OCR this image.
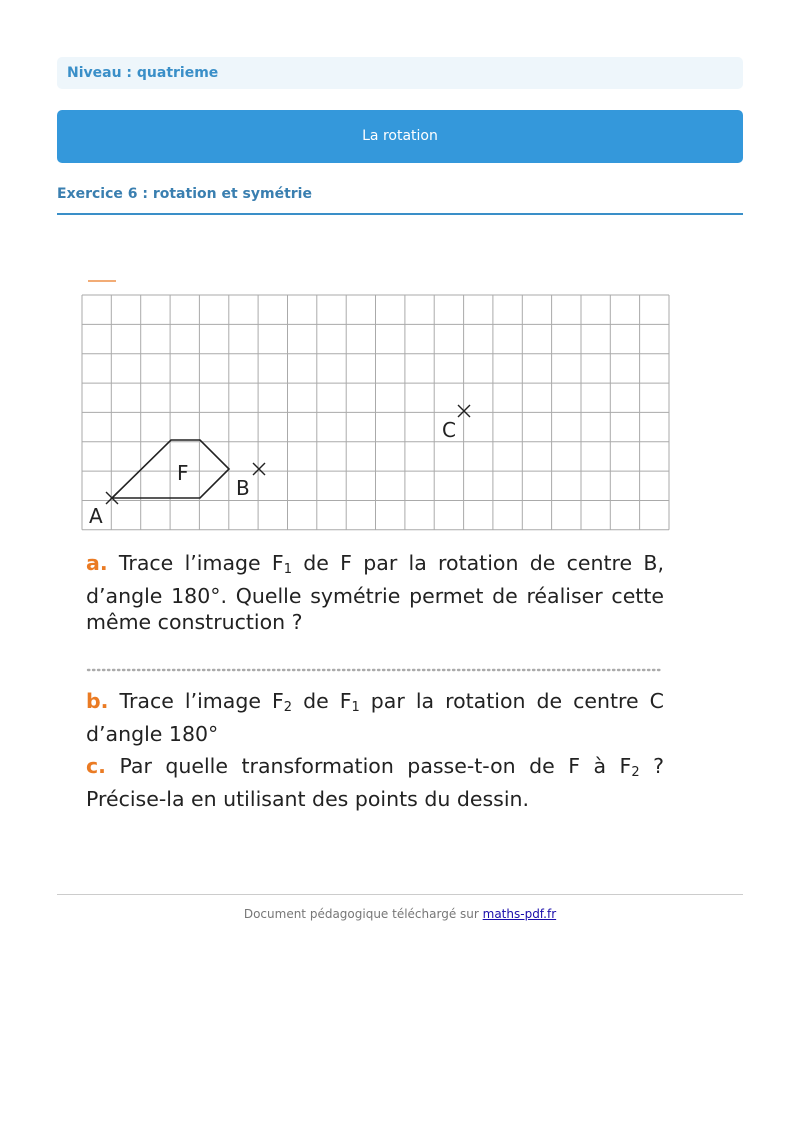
Niveau : quatrieme
La rotation
Exercice 6 : rotation et symétrie
F
A
B
C
a. Trace l’image $F_1$ de F par la rotation de centre B, d’angle 180°. Quelle symétrie permet de réaliser cette même construction ?
b. Trace l’image $F_2$ de $F_1$ par la rotation de centre C d’angle 180°
c. Par quelle transformation passe-t-on de F à $F_2$ ? Précise-la en utilisant des points du dessin.
Document pédagogique téléchargé sur maths-pdf.fr
